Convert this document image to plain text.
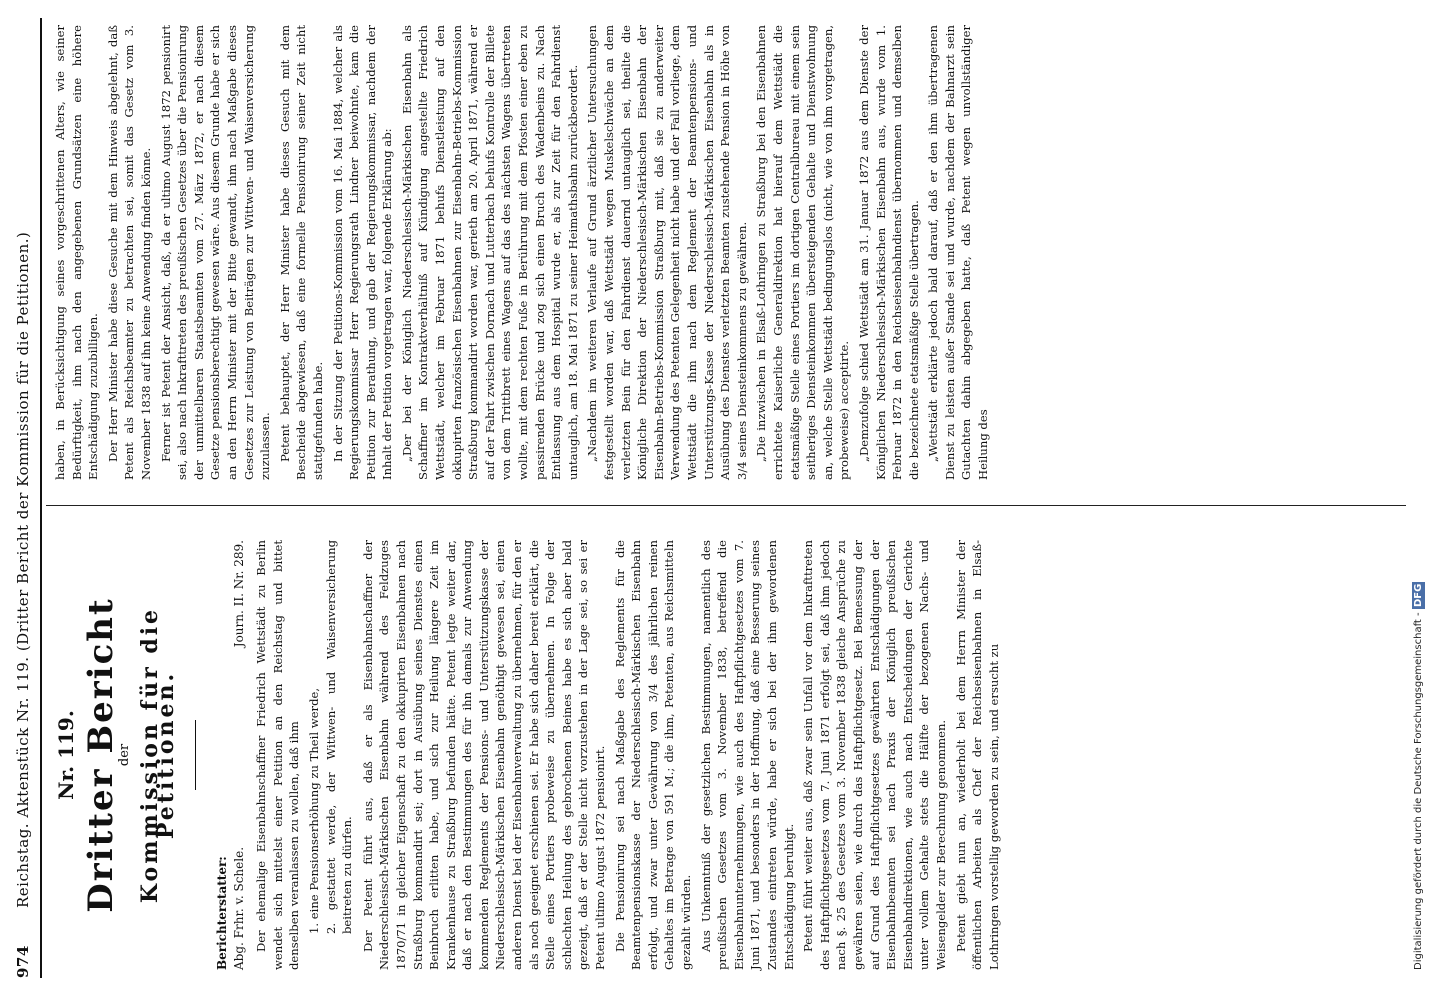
974
Reichstag. Aktenstück Nr. 119. (Dritter Bericht der Kommission für die Petitionen.) Nr. 119. Dritter Bericht
der Kommission für die Petitionen.
Berichterstatter: Abg. Frhr. v. Schele.
Journ. II. Nr. 289. Der ehemalige Eisenbahnschaffner Friedrich Wettstädt zu Berlin wendet sich mittelst einer Petition an den Reichstag und bittet denselben veranlassen zu wollen, daß ihm 1. eine Pensionserhöhung zu Theil werde, 2. gestattet werde, der Wittwen- und Waisenversicherung beitreten zu dürfen. Der Petent führt aus, daß er als Eisenbahnschaffner der Niederschlesisch-Märkischen Eisenbahn während des Feldzuges 1870/71 in gleicher Eigenschaft zu den okkupirten Eisenbahnen nach Straßburg kommandirt sei; dort in Ausübung seines Dienstes einen Beinbruch erlitten habe, und sich zur Heilung längere Zeit im Krankenhause zu Straßburg befunden hätte. Petent legte weiter dar, daß er nach den Bestimmungen des für ihn damals zur Anwendung kommenden Reglements der Pensions- und Unterstützungskasse der Niederschlesisch-Märkischen Eisenbahn genöthigt gewesen sei, einen anderen Dienst bei der Eisenbahnverwaltung zu übernehmen, für den er als noch geeignet erschienen sei. Er habe sich daher bereit erklärt, die Stelle eines Portiers probeweise zu übernehmen. In Folge der schlechten Heilung des gebrochenen Beines habe es sich aber bald gezeigt, daß er der Stelle nicht vorzustehen in der Lage sei, so sei er Petent ultimo August 1872 pensionirt. Die Pensionirung sei nach Maßgabe des Reglements für die Beamtenpensionskasse der Niederschlesisch-Märkischen Eisenbahn erfolgt, und zwar unter Gewährung von 3/4 des jährlichen reinen Gehaltes im Betrage von 591 M.; die ihm, Petenten, aus Reichsmitteln gezahlt würden. Aus Unkenntniß der gesetzlichen Bestimmungen, namentlich des preußischen Gesetzes vom 3. November 1838, betreffend die Eisenbahnunternehmungen, wie auch des Haftpflichtgesetzes vom 7. Juni 1871, und besonders in der Hoffnung, daß eine Besserung seines Zustandes eintreten würde, habe er sich bei der ihm gewordenen Entschädigung beruhigt. Petent führt weiter aus, daß zwar sein Unfall vor dem Inkrafttreten des Haftpflichtgesetzes vom 7. Juni 1871 erfolgt sei, daß ihm jedoch nach §. 25 des Gesetzes vom 3. November 1838 gleiche Ansprüche zu gewähren seien, wie durch das Haftpflichtgesetz. Bei Bemessung der auf Grund des Haftpflichtgesetzes gewährten Entschädigungen der Eisenbahnbeamten sei nach Praxis der Königlich preußischen Eisenbahndirektionen, wie auch nach Entscheidungen der Gerichte unter vollem Gehalte stets die Hälfte der bezogenen Nachs- und Weisengelder zur Berechnung genommen. Petent giebt nun an, wiederholt bei dem Herrn Minister der öffentlichen Arbeiten als Chef der Reichseisenbahnen in Elsaß-Lothringen vorstellig geworden zu sein, und ersucht zu

haben, in Berücksichtigung seines vorgeschrittenen Alters, wie seiner Bedürftigkeit, ihm nach den angegebenen Grundsätzen eine höhere Entschädigung zuzubilligen. Der Herr Minister habe diese Gesuche mit dem Hinweis abgelehnt, daß Petent als Reichsbeamter zu betrachten sei, somit das Gesetz vom 3. November 1838 auf ihn keine Anwendung finden könne. Ferner ist Petent der Ansicht, daß, da er ultimo August 1872 pensionirt sei, also nach Inkrafttreten des preußischen Gesetzes über die Pensionirung der unmittelbaren Staatsbeamten vom 27. März 1872, er nach diesem Gesetze pensionsberechtigt gewesen wäre. Aus diesem Grunde habe er sich an den Herrn Minister mit der Bitte gewandt, ihm nach Maßgabe dieses Gesetzes zur Leistung von Beiträgen zur Wittwen- und Waisenversicherung zuzulassen. Petent behauptet, der Herr Minister habe dieses Gesuch mit dem Bescheide abgewiesen, daß eine formelle Pensionirung seiner Zeit nicht stattgefunden habe. In der Sitzung der Petitions-Kommission vom 16. Mai 1884, welcher als Regierungskommissar Herr Regierungsrath Lindner beiwohnte, kam die Petition zur Berathung, und gab der Regierungskommissar, nachdem der Inhalt der Petition vorgetragen war, folgende Erklärung ab: „Der bei der Königlich Niederschlesisch-Märkischen Eisenbahn als Schaffner im Kontraktverhältniß auf Kündigung angestellte Friedrich Wettstädt, welcher im Februar 1871 behufs Dienstleistung auf den okkupirten französischen Eisenbahnen zur Eisenbahn-Betriebs-Kommission Straßburg kommandirt worden war, gerieth am 20. April 1871, während er auf der Fahrt zwischen Dornach und Lutterbach behufs Kontrolle der Billete von dem Trittbrett eines Wagens auf das des nächsten Wagens übertreten wollte, mit dem rechten Fuße in Berührung mit dem Pfosten einer eben zu passirenden Brücke und zog sich einen Bruch des Wadenbeins zu. Nach Entlassung aus dem Hospital wurde er, als zur Zeit für den Fahrdienst untauglich, am 18. Mai 1871 zu seiner Heimathsbahn zurückbeordert. „Nachdem im weiteren Verlaufe auf Grund ärztlicher Untersuchungen festgestellt worden war, daß Wettstädt wegen Muskelschwäche an dem verletzten Bein für den Fahrdienst dauernd untauglich sei, theilte die Königliche Direktion der Niederschlesisch-Märkischen Eisenbahn der Eisenbahn-Betriebs-Kommission Straßburg mit, daß sie zu anderweiter Verwendung des Petenten Gelegenheit nicht habe und der Fall vorliege, dem Wettstädt die ihm nach dem Reglement der Beamtenpensions- und Unterstützungs-Kasse der Niederschlesisch-Märkischen Eisenbahn als in Ausübung des Dienstes verletzten Beamten zustehende Pension in Höhe von 3/4 seines Diensteinkommens zu gewähren. „Die inzwischen in Elsaß-Lothringen zu Straßburg bei den Eisenbahnen errichtete Kaiserliche Generaldirektion hat hierauf dem Wettstädt die etatsmäßige Stelle eines Portiers im dortigen Centralbureau mit einem sein seitheriges Diensteinkommen übersteigenden Gehalte und Dienstwohnung an, welche Stelle Wettstädt bedingungslos (nicht, wie von ihm vorgetragen, probeweise) acceptirte. „Demzufolge schied Wettstädt am 31. Januar 1872 aus dem Dienste der Königlichen Niederschlesisch-Märkischen Eisenbahn aus, wurde vom 1. Februar 1872 in den Reichseisenbahndienst übernommen und demselben die bezeichnete etatsmäßige Stelle übertragen. „Wettstädt erklärte jedoch bald darauf, daß er den ihm übertragenen Dienst zu leisten außer Stande sei und wurde, nachdem der Bahnarzt sein Gutachten dahin abgegeben hatte, daß Petent wegen unvollständiger Heilung des

Digitalisierung gefördert durch die Deutsche Forschungsgemeinschaft - DFG
